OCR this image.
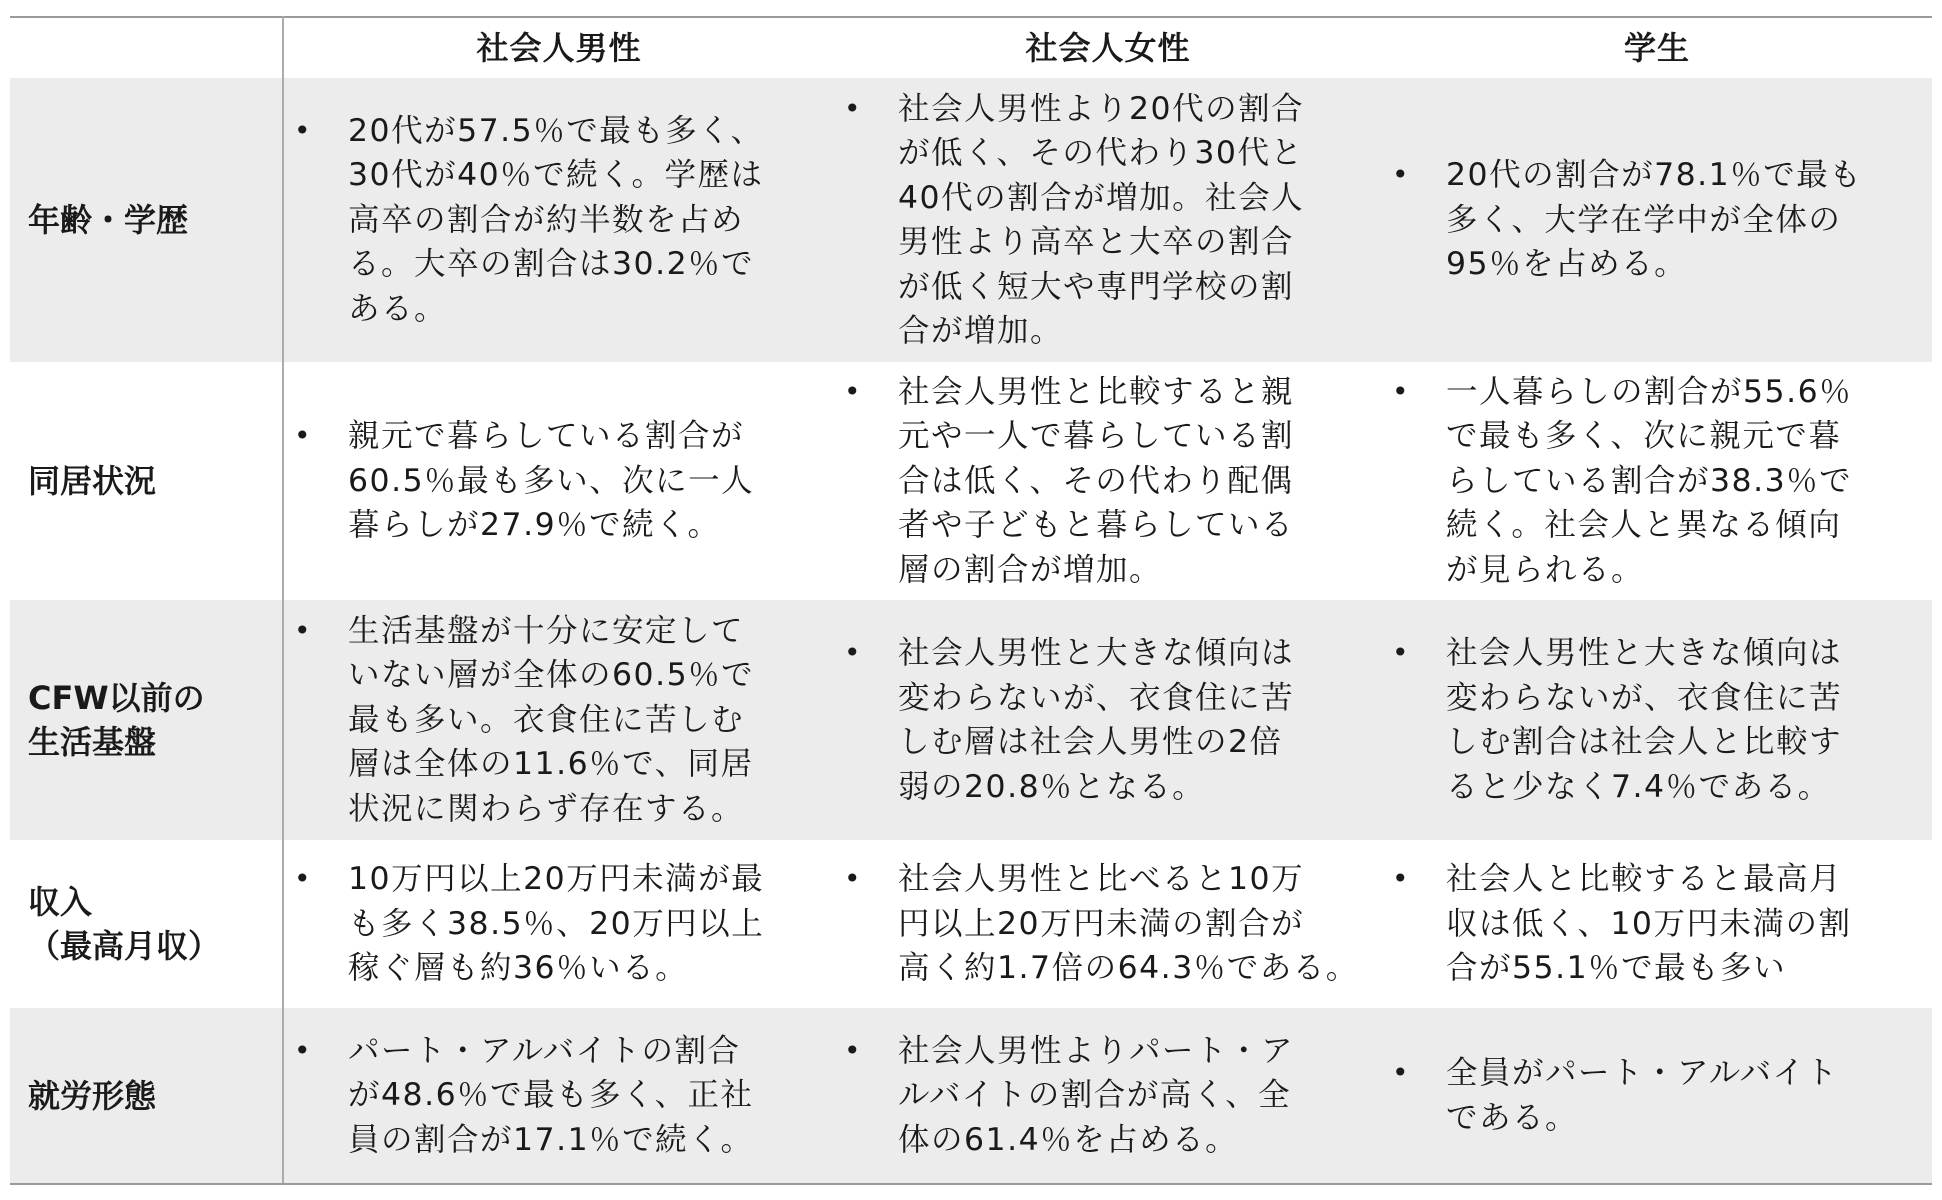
社会人男性	社会人女性	学生
年齢・学歴
• 20代が57.5％で最も多く、
30代が40％で続く。学歴は
高卒の割合が約半数を占め
る。大卒の割合は30.2％で
ある。
• 社会人男性より20代の割合
が低く、その代わり30代と
40代の割合が増加。社会人
男性より高卒と大卒の割合
が低く短大や専門学校の割
合が増加。
• 20代の割合が78.1％で最も
多く、大学在学中が全体の
95％を占める。
同居状況
• 親元で暮らしている割合が
60.5％最も多い、次に一人
暮らしが27.9％で続く。
• 社会人男性と比較すると親
元や一人で暮らしている割
合は低く、その代わり配偶
者や子どもと暮らしている
層の割合が増加。
• 一人暮らしの割合が55.6％
で最も多く、次に親元で暮
らしている割合が38.3％で
続く。社会人と異なる傾向
が見られる。
CFW以前の
生活基盤
• 生活基盤が十分に安定して
いない層が全体の60.5％で
最も多い。衣食住に苦しむ
層は全体の11.6％で、同居
状況に関わらず存在する。
• 社会人男性と大きな傾向は
変わらないが、衣食住に苦
しむ層は社会人男性の2倍
弱の20.8％となる。
• 社会人男性と大きな傾向は
変わらないが、衣食住に苦
しむ割合は社会人と比較す
ると少なく7.4％である。
収入
（最高月収）
• 10万円以上20万円未満が最
も多く38.5％、20万円以上
稼ぐ層も約36％いる。
• 社会人男性と比べると10万
円以上20万円未満の割合が
高く約1.7倍の64.3％である。
• 社会人と比較すると最高月
収は低く、10万円未満の割
合が55.1％で最も多い
就労形態
• パート・アルバイトの割合
が48.6％で最も多く、正社
員の割合が17.1％で続く。
• 社会人男性よりパート・ア
ルバイトの割合が高く、全
体の61.4％を占める。
• 全員がパート・アルバイト
である。
